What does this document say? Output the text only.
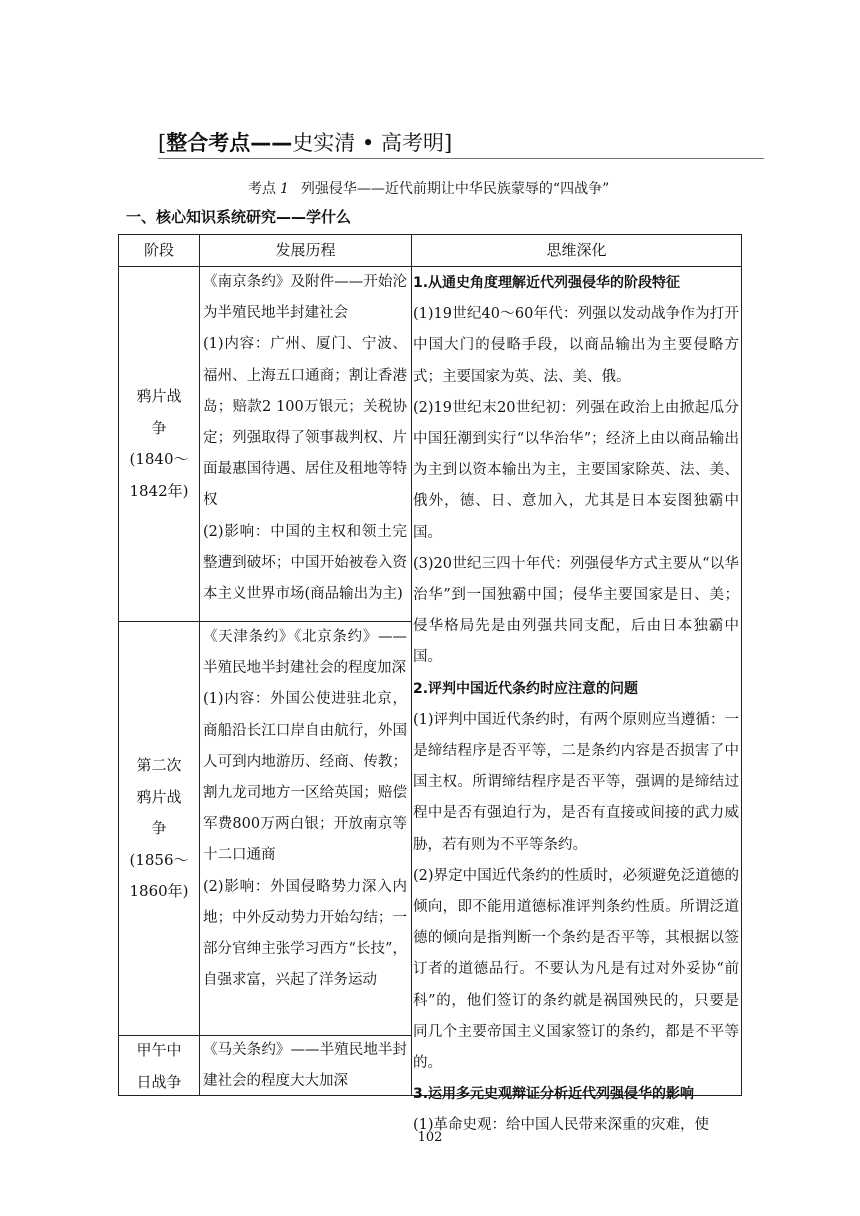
[整合考点——史实清 • 高考明]
考点 1 列强侵华——近代前期让中华民族蒙辱的“四战争”
一、核心知识系统研究——学什么
阶段	发展历程	思维深化
鸦片战
争
(1840～
1842年)

《南京条约》及附件——开始沦为半殖民地半封建社会

(1)内容：广州、厦门、宁波、福州、上海五口通商；割让香港岛；赔款2 100万银元；关税协定；列强取得了领事裁判权、片面最惠国待遇、居住及租地等特权

(2)影响：中国的主权和领土完整遭到破坏；中国开始被卷入资本主义世界市场(商品输出为主)

第二次
鸦片战
争
(1856～
1860年)

《天津条约》《北京条约》——半殖民地半封建社会的程度加深

(1)内容：外国公使进驻北京，商船沿长江口岸自由航行，外国人可到内地游历、经商、传教；割九龙司地方一区给英国；赔偿军费800万两白银；开放南京等十二口通商

(2)影响：外国侵略势力深入内地；中外反动势力开始勾结；一部分官绅主张学习西方“长技”，自强求富，兴起了洋务运动

甲午中
日战争

《马关条约》——半殖民地半封建社会的程度大大加深

1.从通史角度理解近代列强侵华的阶段特征

(1)19世纪40～60年代：列强以发动战争作为打开中国大门的侵略手段，以商品输出为主要侵略方式；主要国家为英、法、美、俄。

(2)19世纪末20世纪初：列强在政治上由掀起瓜分中国狂潮到实行“以华治华”；经济上由以商品输出为主到以资本输出为主，主要国家除英、法、美、俄外，德、日、意加入，尤其是日本妄图独霸中国。

(3)20世纪三四十年代：列强侵华方式主要从“以华治华”到一国独霸中国；侵华主要国家是日、美；侵华格局先是由列强共同支配，后由日本独霸中国。

2.评判中国近代条约时应注意的问题

(1)评判中国近代条约时，有两个原则应当遵循：一是缔结程序是否平等，二是条约内容是否损害了中国主权。所谓缔结程序是否平等，强调的是缔结过程中是否有强迫行为，是否有直接或间接的武力威胁，若有则为不平等条约。

(2)界定中国近代条约的性质时，必须避免泛道德的倾向，即不能用道德标准评判条约性质。所谓泛道德的倾向是指判断一个条约是否平等，其根据以签订者的道德品行。不要认为凡是有过对外妥协“前科”的，他们签订的条约就是祸国殃民的，只要是同几个主要帝国主义国家签订的条约，都是不平等的。

3.运用多元史观辩证分析近代列强侵华的影响

(1)革命史观：给中国人民带来深重的灾难，使

102
